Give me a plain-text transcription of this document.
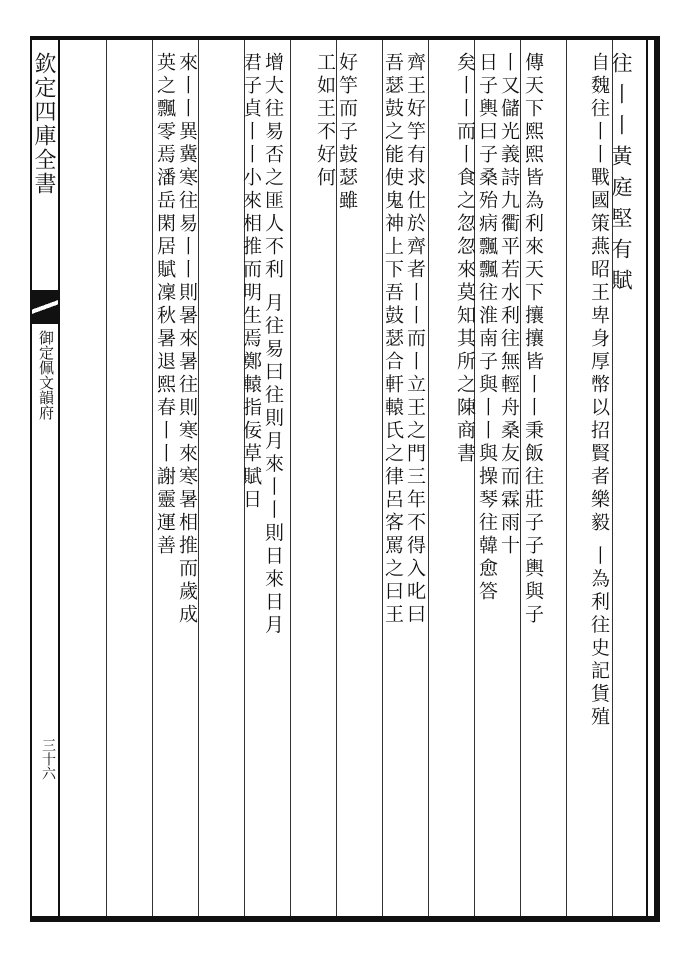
欽定四庫全書
御定佩文韻府
三十六
往丨丨黃庭堅有賦
自魏往丨丨戰國策燕昭王卑身厚幣以招賢者樂毅 丨為利往史記貨殖
傳天下熙熙皆為利來天下攘攘皆丨丨秉飯往莊子子輿與子
丨又儲光義詩九衢平若水利往無輕舟桑友而霖雨十
日子輿曰子桑殆病飄飄往淮南子與丨丨與操琴往韓愈答
矣丨丨而丨食之忽忽來莫知其所之陳商書
齊王好竽有求仕於齊者丨丨而丨立王之門三年不得入叱曰
吾瑟鼓之能使鬼神上下吾鼓瑟合軒轅氏之律呂客罵之曰王
好竽而子鼓瑟雖
工如王不好何
增大往易否之匪人不利 月往易曰往則月來丨丨則日來日月
君子貞丨丨小來相推而明生焉鄭轅指佞草賦日
來丨丨異冀寒往易丨丨則暑來暑往則寒來寒暑相推而歲成
英之飄零焉潘岳閑居賦凜秋暑退熙春丨丨謝靈運善
